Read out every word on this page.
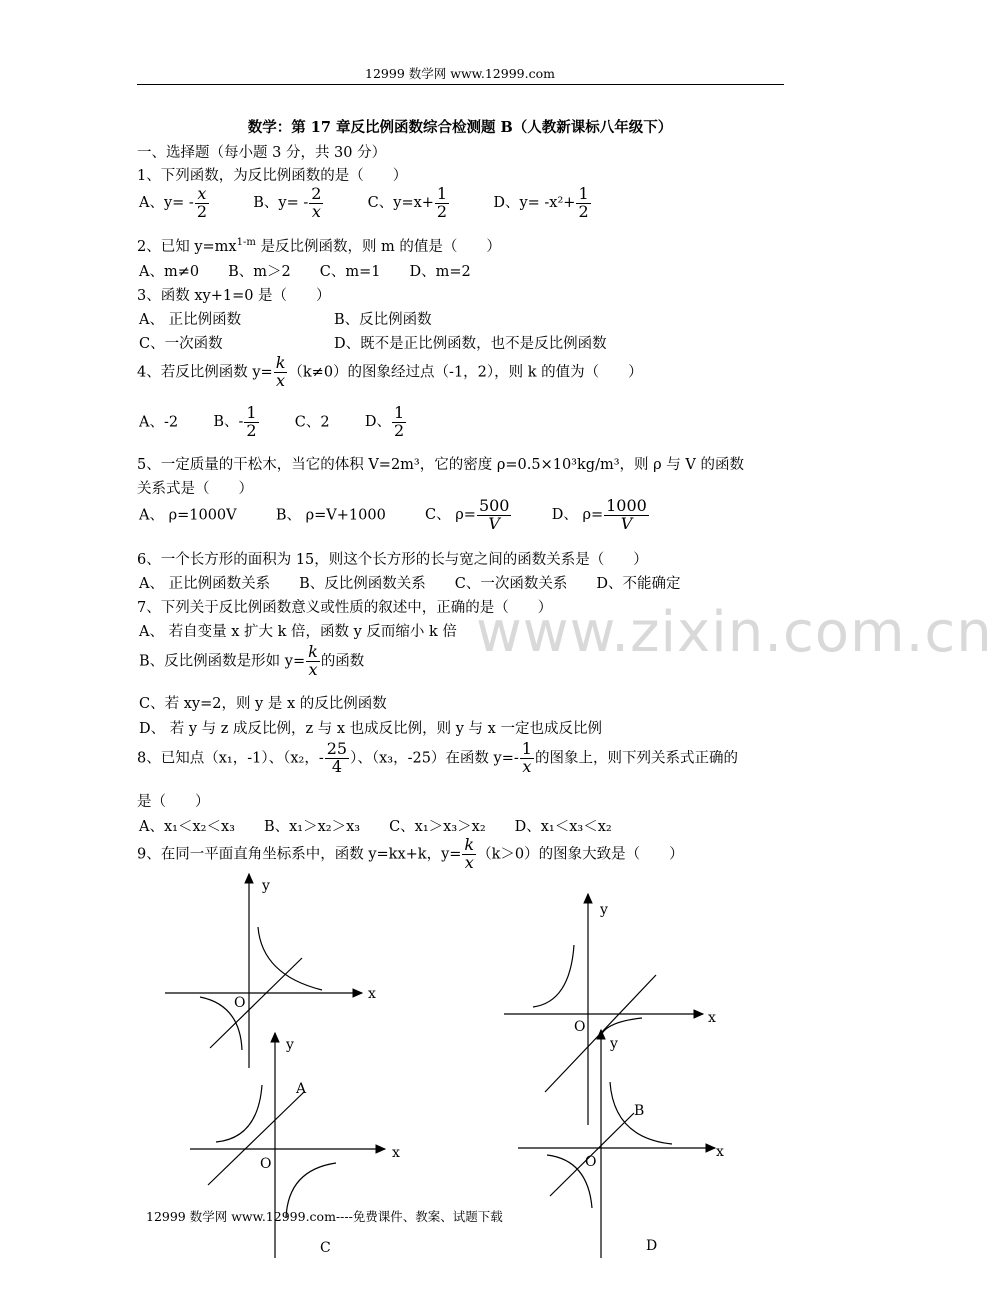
12999 数学网 www.12999.com
www.zixin.com.cn
数学：第 17 章反比例函数综合检测题 B（人教新课标八年级下）
一、选择题（每小题 3 分，共 30 分）
1、下列函数，为反比例函数的是（　　）
A、$y= - \frac{x}{2}$	B、$y= - \frac{2}{x}$	C、$y=x+ \frac{1}{2}$	D、$y= -x^2+ \frac{1}{2}$
2、已知 $y=mx^{1-m}$ 是反比例函数，则 m 的值是（　　）
A、m≠0　　B、m＞2　　C、m=1　　D、m=2
3、函数 xy+1=0 是（　　）
A、 正比例函数	B、反比例函数
C、一次函数	D、既不是正比例函数，也不是反比例函数
4、若反比例函数 $y= \frac{k}{x} (k\ne 0)$的图象经过点（-1，2），则 k 的值为（　　）
A、-2 B、- $\frac{1}{2}$ C、2 D、 $\frac{1}{2}$
5、一定质量的干松木，当它的体积 V=2m³，它的密度 ρ=0.5×10³kg/m³，则 ρ 与 V 的函数
关系式是（　　）
A、 ρ=1000V	B、 ρ=V+1000	C、 $\rho= \frac{500}{V}$	D、 $\rho= \frac{1000}{V}$
6、一个长方形的面积为 15，则这个长方形的长与宽之间的函数关系是（　　）
A、 正比例函数关系　　B、反比例函数关系　　C、一次函数关系　　D、不能确定
7、下列关于反比例函数意义或性质的叙述中，正确的是（　　）
A、 若自变量 x 扩大 k 倍，函数 y 反而缩小 k 倍
B、反比例函数是形如 $y= \frac{k}{x}$ 的函数
C、若 xy=2，则 y 是 x 的反比例函数
D、 若 y 与 z 成反比例，z 与 x 也成反比例，则 y 与 x 一定也成反比例
8、已知点（x₁，-1）、（x₂，- $\frac{25}{4}$ ）、（x₃，-25）在函数 $y=- \frac{1}{x}$ 的图象上，则下列关系式正确的
是（　　）
A、x₁＜x₂＜x₃　　B、x₁＞x₂＞x₃　　C、x₁＞x₃＞x₂　　D、x₁＜x₃＜x₂
9、在同一平面直角坐标系中，函数 y=kx+k，$y= \frac{k}{x} (k>0)$的图象大致是（　　）
y
x
O
y
x
O
y
x
O
A
C
y
x
O
B
D
12999 数学网 www.12999.com----免费课件、教案、试题下载
